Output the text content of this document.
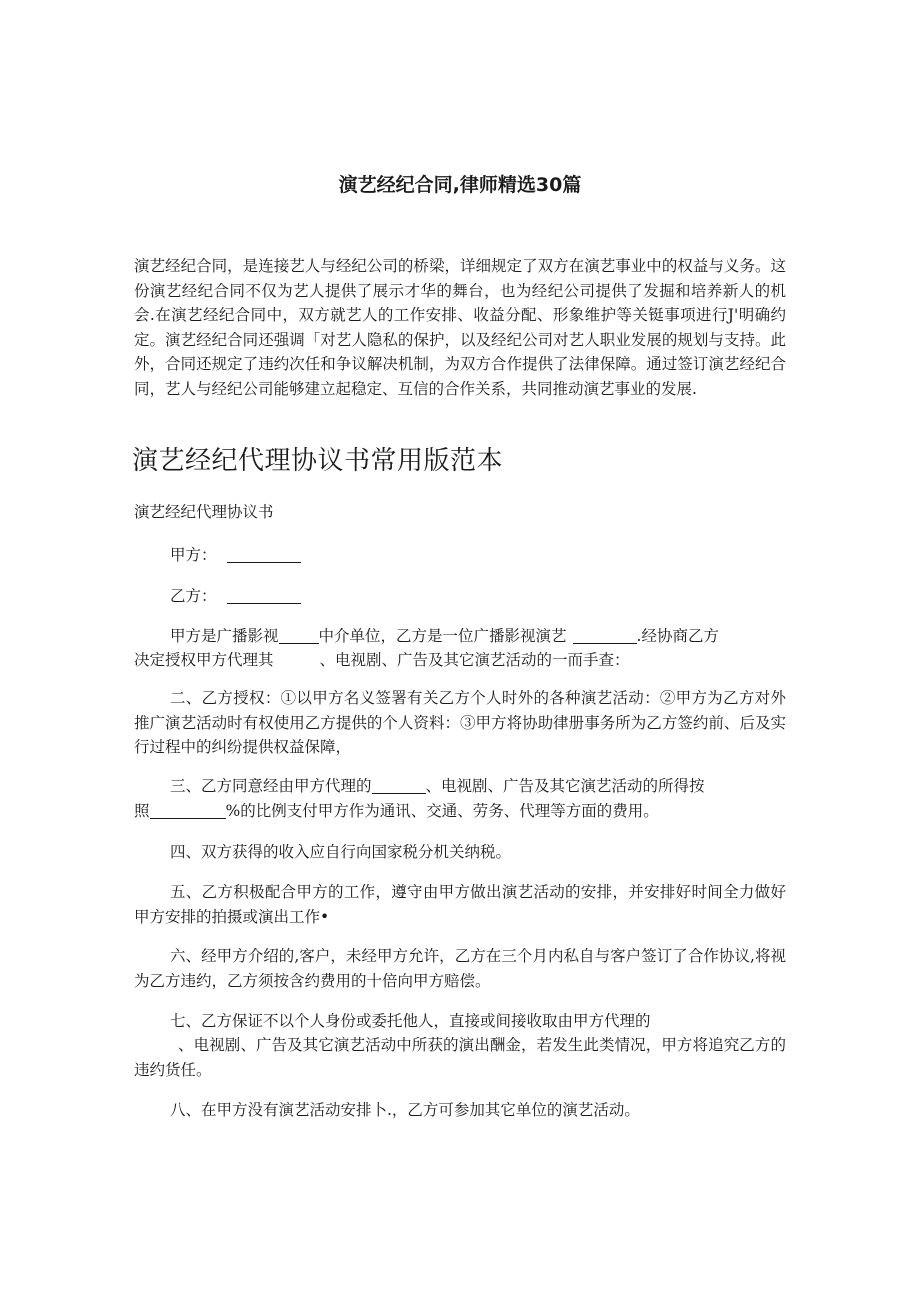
演艺经纪合同,律师精选30篇

演艺经纪合同，是连接艺人与经纪公司的桥梁，详细规定了双方在演艺事业中的权益与义务。这份演艺经纪合同不仅为艺人提供了展示才华的舞台，也为经纪公司提供了发掘和培养新人的机会.在演艺经纪合同中，双方就艺人的工作安排、收益分配、形象维护等关铤事项进行J'明确约定。演艺经纪合同还强调「对艺人隐私的保护，以及经纪公司对艺人职业发展的规划与支持。此外，合同还规定了违约次任和争议解决机制，为双方合作提供了法律保障。通过签订演艺经纪合同，艺人与经纪公司能够建立起稳定、互信的合作关系，共同推动演艺事业的发展.

演艺经纪代理协议书常用版范本

演艺经纪代理协议书

甲方：

乙方：

甲方是广播影视	中介单位，乙方是一位广播影视演艺	.经协商乙方

决定授权甲方代理其	、电视剧、广告及其它演艺活动的一而手查：

二、乙方授权：①以甲方名义签署有关乙方个人时外的各种演艺活动：②甲方为乙方对外推广演艺活动时有权使用乙方提供的个人资料：③甲方将协助律册事务所为乙方签约前、后及实行过程中的纠纷提供权益保障，

三、乙方同意经由甲方代理的	、电视剧、广告及其它演艺活动的所得按

照	%的比例支付甲方作为通讯、交通、劳务、代理等方面的费用。

四、双方获得的收入应自行向国家税分机关纳税。

五、乙方积极配合甲方的工作，遵守由甲方做出演艺活动的安排，并安排好时间全力做好甲方安排的拍摄或演出工作•

六、经甲方介绍的,客户，未经甲方允许，乙方在三个月内私自与客户签订了合作协议,将视为乙方违约，乙方须按含约费用的十倍向甲方赔偿。

七、乙方保证不以个人身份或委托他人，直接或间接收取由甲方代理的

、电视剧、广告及其它演艺活动中所获的演出酬金，若发生此类情况，甲方将追究乙方的违约货任。

八、在甲方没有演艺活动安排卜.，乙方可参加其它单位的演艺活动。
